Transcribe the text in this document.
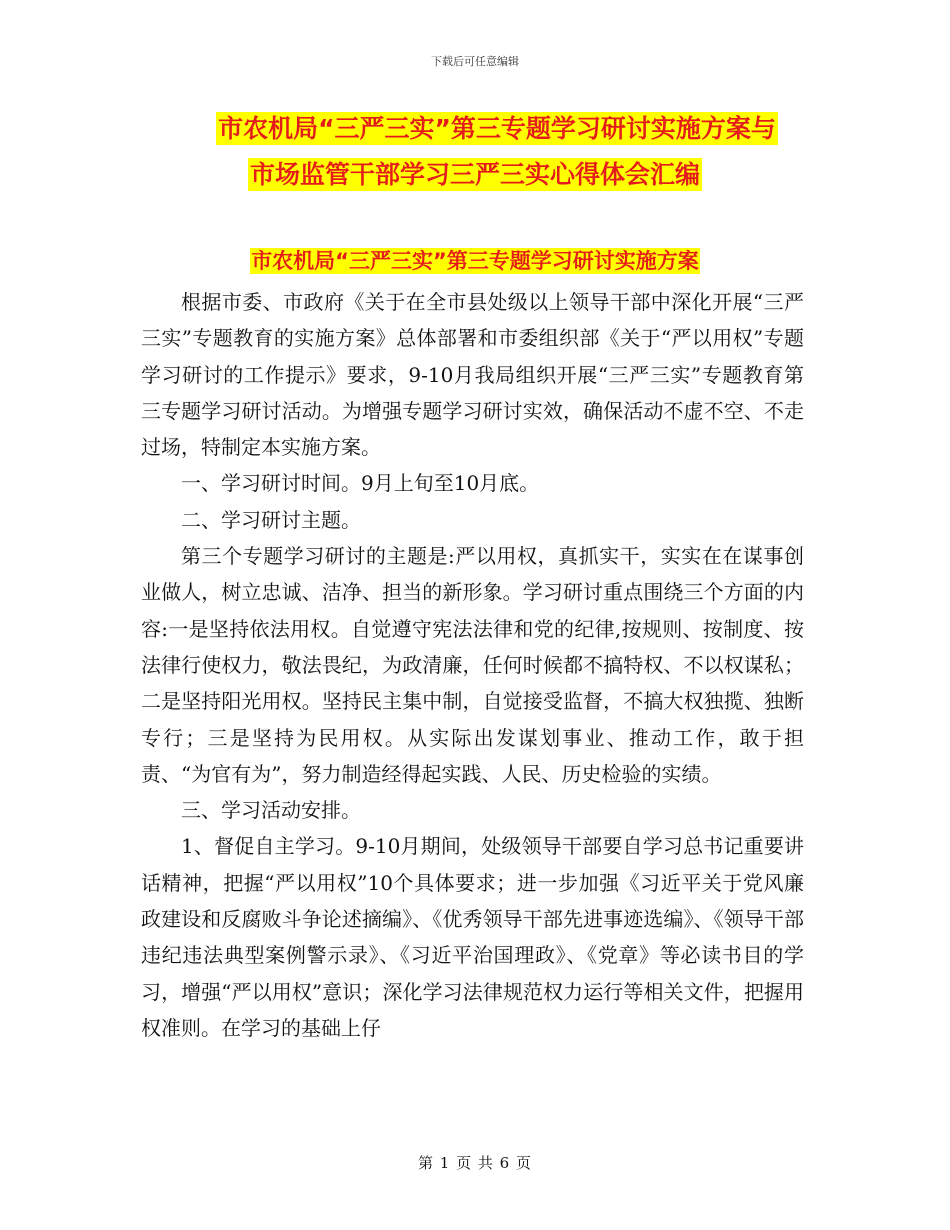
下载后可任意编辑
市农机局“三严三实”第三专题学习研讨实施方案与
市场监管干部学习三严三实心得体会汇编
市农机局“三严三实”第三专题学习研讨实施方案

根据市委、市政府《关于在全市县处级以上领导干部中深化开展“三严三实”专题教育的实施方案》总体部署和市委组织部《关于“严以用权”专题学习研讨的工作提示》要求，9-10月我局组织开展“三严三实”专题教育第三专题学习研讨活动。为增强专题学习研讨实效，确保活动不虚不空、不走过场，特制定本实施方案。

一、学习研讨时间。9月上旬至10月底。

二、学习研讨主题。

第三个专题学习研讨的主题是:严以用权，真抓实干，实实在在谋事创业做人，树立忠诚、洁净、担当的新形象。学习研讨重点围绕三个方面的内容:一是坚持依法用权。自觉遵守宪法法律和党的纪律,按规则、按制度、按法律行使权力，敬法畏纪，为政清廉，任何时候都不搞特权、不以权谋私；二是坚持阳光用权。坚持民主集中制，自觉接受监督，不搞大权独揽、独断专行；三是坚持为民用权。从实际出发谋划事业、推动工作，敢于担责、“为官有为”，努力制造经得起实践、人民、历史检验的实绩。

三、学习活动安排。

1、督促自主学习。9-10月期间，处级领导干部要自学习总书记重要讲话精神，把握“严以用权”10个具体要求；进一步加强《习近平关于党风廉政建设和反腐败斗争论述摘编》、《优秀领导干部先进事迹选编》、《领导干部违纪违法典型案例警示录》、《习近平治国理政》、《党章》等必读书目的学习，增强“严以用权”意识；深化学习法律规范权力运行等相关文件，把握用权准则。在学习的基础上仔

第 1 页 共 6 页
